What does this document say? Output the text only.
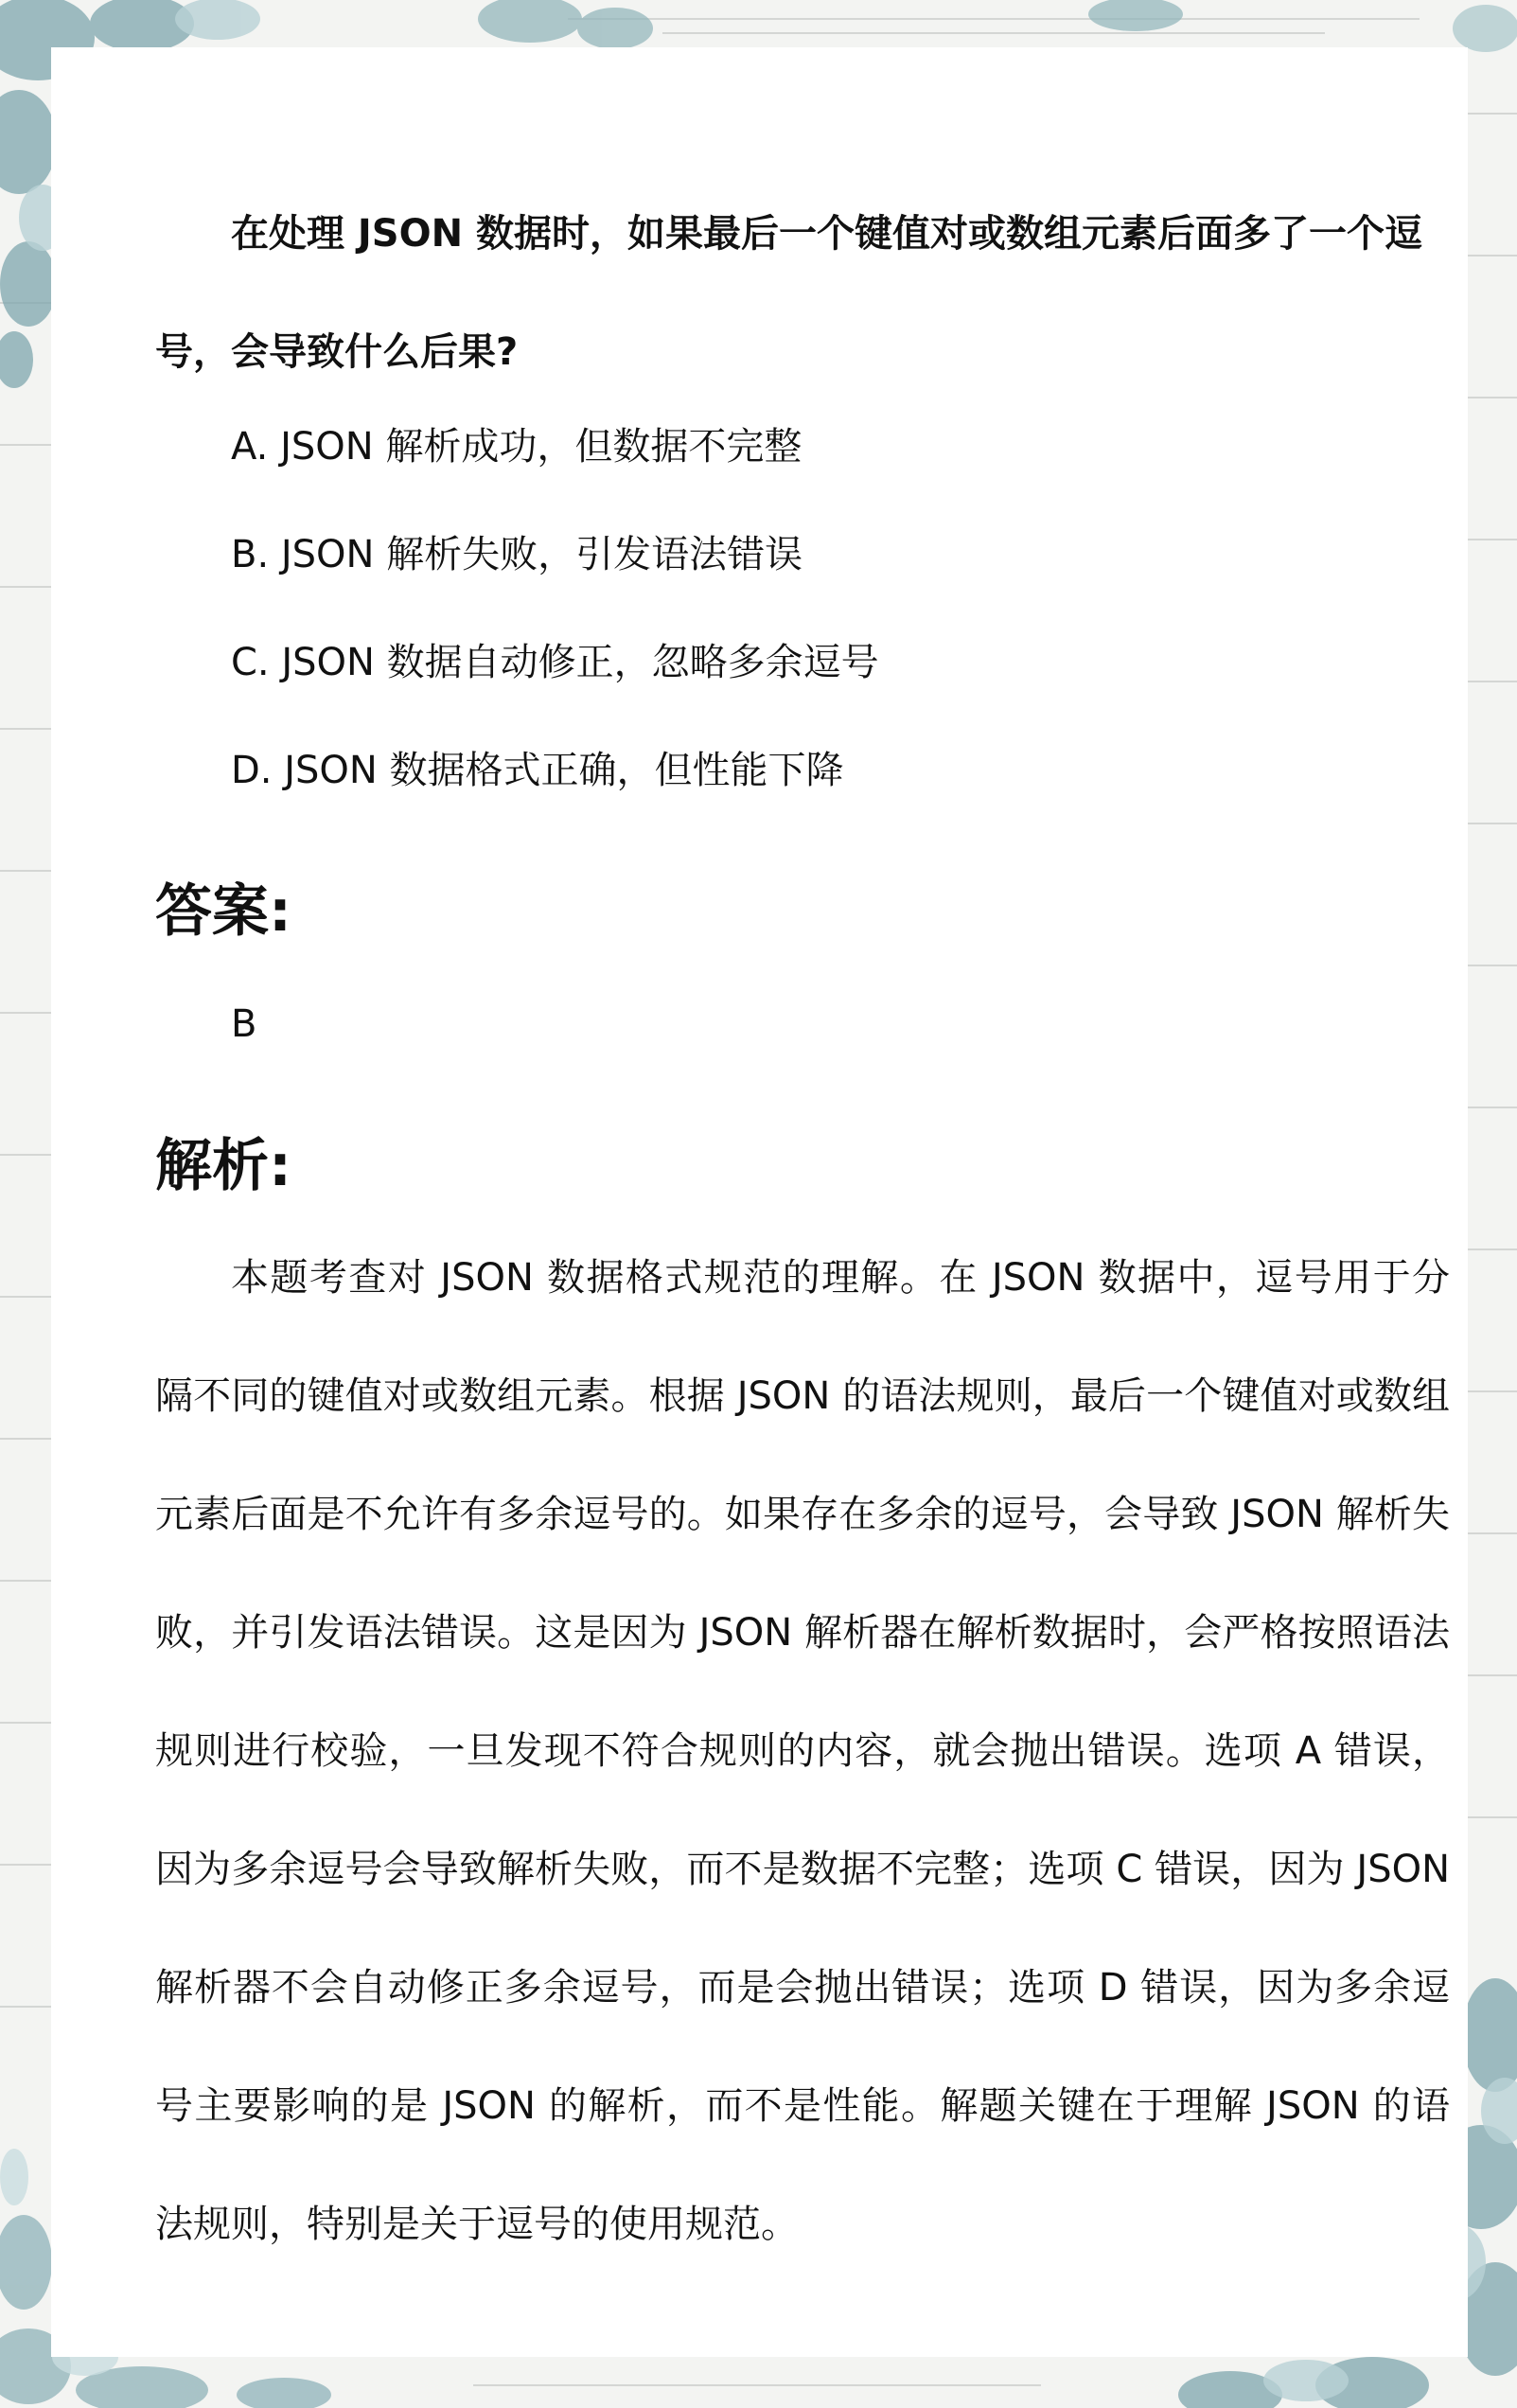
在处理 JSON 数据时，如果最后一个键值对或数组元素后面多了一个逗号，会导致什么后果?

A. JSON 解析成功，但数据不完整

B. JSON 解析失败，引发语法错误

C. JSON 数据自动修正，忽略多余逗号

D. JSON 数据格式正确，但性能下降

答案:

B

解析:

本题考查对 JSON 数据格式规范的理解。在 JSON 数据中，逗号用于分隔不同的键值对或数组元素。根据 JSON 的语法规则，最后一个键值对或数组元素后面是不允许有多余逗号的。如果存在多余的逗号，会导致 JSON 解析失败，并引发语法错误。这是因为 JSON 解析器在解析数据时，会严格按照语法规则进行校验，一旦发现不符合规则的内容，就会抛出错误。选项 A 错误，因为多余逗号会导致解析失败，而不是数据不完整；选项 C 错误，因为 JSON 解析器不会自动修正多余逗号，而是会抛出错误；选项 D 错误，因为多余逗号主要影响的是 JSON 的解析，而不是性能。解题关键在于理解 JSON 的语法规则，特别是关于逗号的使用规范。
